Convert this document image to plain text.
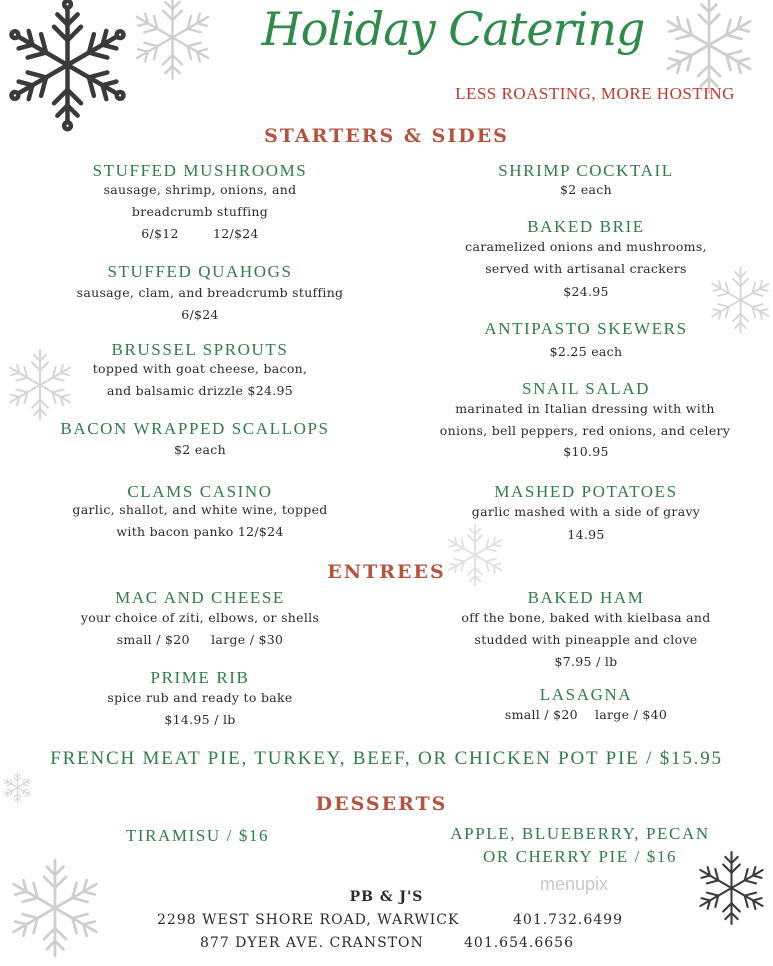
Holiday Catering
LESS ROASTING, MORE HOSTING
STARTERS & SIDES
STUFFED MUSHROOMS
sausage, shrimp, onions, and
breadcrumb stuffing
6/$12        12/$24
STUFFED QUAHOGS
sausage, clam, and breadcrumb stuffing
6/$24
BRUSSEL SPROUTS
topped with goat cheese, bacon,
and balsamic drizzle $24.95
BACON WRAPPED SCALLOPS
$2 each
CLAMS CASINO
garlic, shallot, and white wine, topped
with bacon panko 12/$24
SHRIMP COCKTAIL
$2 each
BAKED BRIE
caramelized onions and mushrooms,
served with artisanal crackers
$24.95
ANTIPASTO SKEWERS
$2.25 each
SNAIL SALAD
marinated in Italian dressing with with
onions, bell peppers, red onions, and celery
$10.95
MASHED POTATOES
garlic mashed with a side of gravy
14.95
ENTREES
MAC AND CHEESE
your choice of ziti, elbows, or shells
small / $20     large / $30
PRIME RIB
spice rub and ready to bake
$14.95 / lb
BAKED HAM
off the bone, baked with kielbasa and
studded with pineapple and clove
$7.95 / lb
LASAGNA
small / $20    large / $40
FRENCH MEAT PIE, TURKEY, BEEF, OR CHICKEN POT PIE / $15.95
DESSERTS
TIRAMISU / $16	APPLE, BLUEBERRY, PECAN
OR CHERRY PIE / $16
menupix
PB & J'S
2298 WEST SHORE ROAD, WARWICK	401.732.6499
877 DYER AVE. CRANSTON	401.654.6656
